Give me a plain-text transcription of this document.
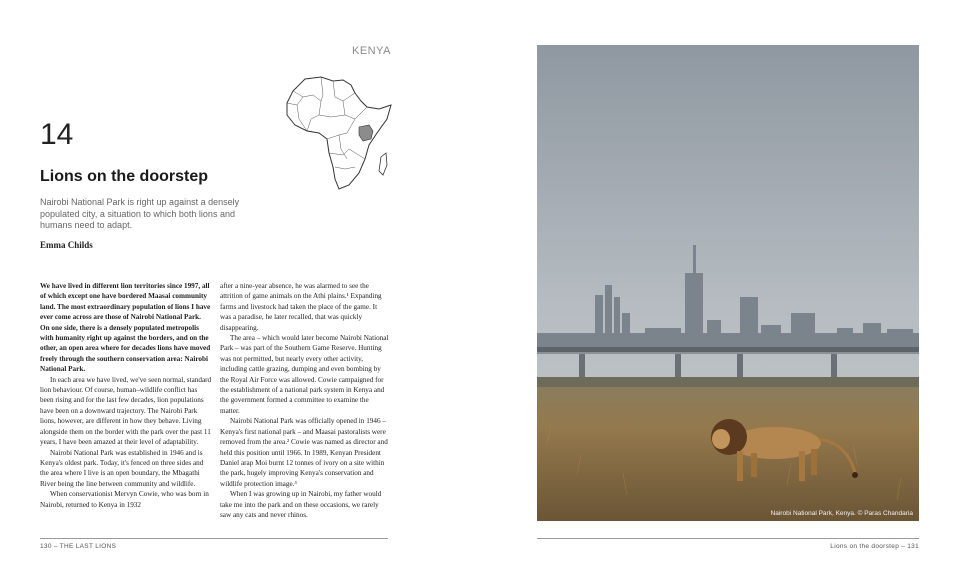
KENYA
14
Lions on the doorstep
Nairobi National Park is right up against a densely populated city, a situation to which both lions and humans need to adapt.
Emma Childs

We have lived in different lion territories since 1997, all of which except one have bordered Maasai community land. The most extraordinary population of lions I have ever come across are those of Nairobi National Park. On one side, there is a densely populated metropolis with humanity right up against the borders, and on the other, an open area where for decades lions have moved freely through the southern conservation area: Nairobi National Park.

In each area we have lived, we've seen normal, standard lion behaviour. Of course, human–wildlife conflict has been rising and for the last few decades, lion populations have been on a downward trajectory. The Nairobi Park lions, however, are different in how they behave. Living alongside them on the border with the park over the past 11 years, I have been amazed at their level of adaptability.

Nairobi National Park was established in 1946 and is Kenya's oldest park. Today, it's fenced on three sides and the area where I live is an open boundary, the Mbagathi River being the line between community and wildlife.

When conservationist Mervyn Cowie, who was born in Nairobi, returned to Kenya in 1932

after a nine-year absence, he was alarmed to see the attrition of game animals on the Athi plains.¹ Expanding farms and livestock had taken the place of the game. It was a paradise, he later recalled, that was quickly disappearing.

The area – which would later become Nairobi National Park – was part of the Southern Game Reserve. Hunting was not permitted, but nearly every other activity, including cattle grazing, dumping and even bombing by the Royal Air Force was allowed. Cowie campaigned for the establishment of a national park system in Kenya and the government formed a committee to examine the matter.

Nairobi National Park was officially opened in 1946 – Kenya's first national park – and Maasai pastoralists were removed from the area.² Cowie was named as director and held this position until 1966. In 1989, Kenyan President Daniel arap Moi burnt 12 tonnes of ivory on a site within the park, hugely improving Kenya's conservation and wildlife protection image.³

When I was growing up in Nairobi, my father would take me into the park and on these occasions, we rarely saw any cats and never rhinos.

130 – THE LAST LIONS
Nairobi National Park, Kenya. © Paras Chandaria
Lions on the doorstep – 131
